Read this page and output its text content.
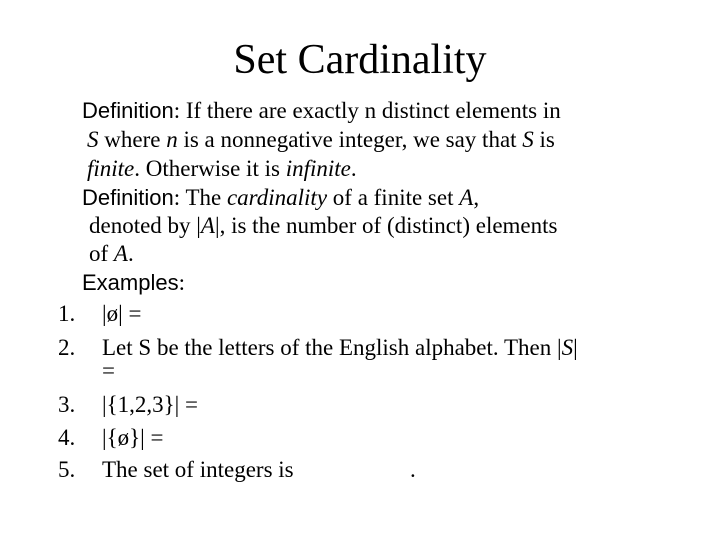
Set Cardinality
Definition: If there are exactly n distinct elements in
S where n is a nonnegative integer, we say that S is
finite. Otherwise it is infinite.
Definition: The cardinality of a finite set A,
denoted by |A|, is the number of (distinct) elements
of A.
Examples:
1. |ø| =
2. Let S be the letters of the English alphabet. Then |S|
=
3. |{1,2,3}| =
4. |{ø}| =
5. The set of integers is	.
